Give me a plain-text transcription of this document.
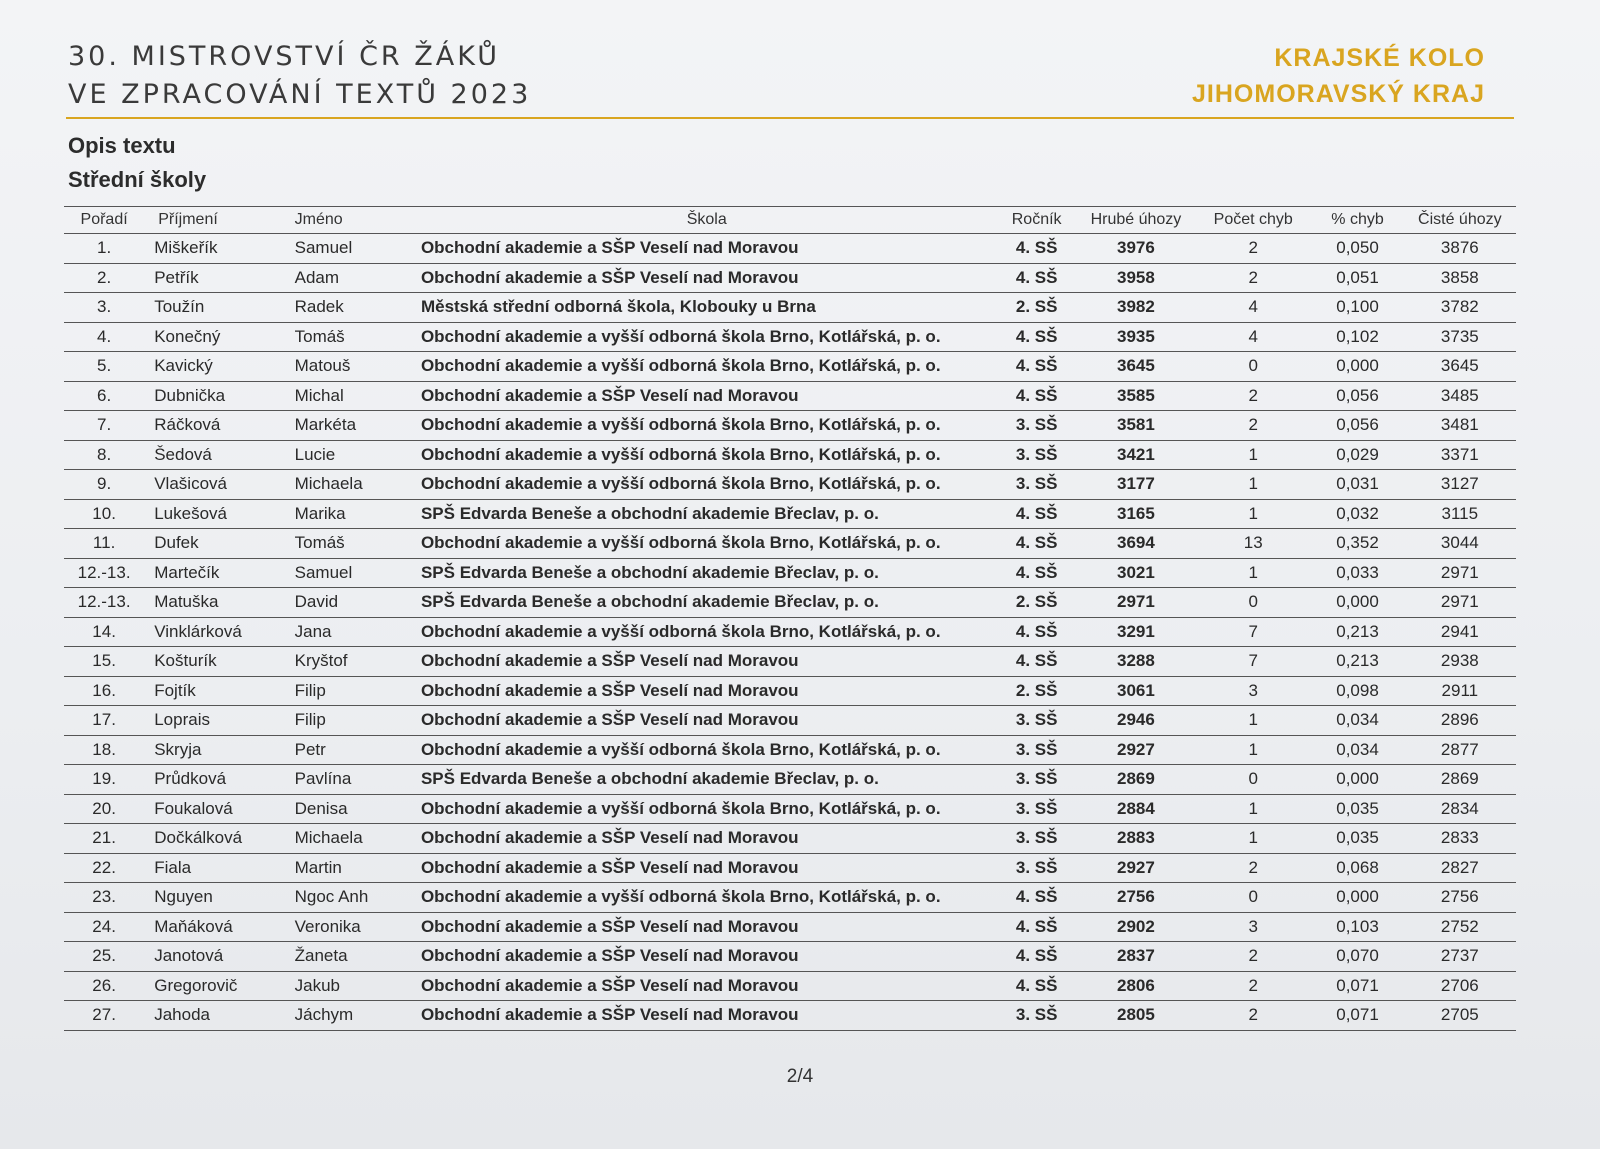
30. MISTROVSTVÍ ČR ŽÁKŮ
VE ZPRACOVÁNÍ TEXTŮ 2023
KRAJSKÉ KOLO
JIHOMORAVSKÝ KRAJ
Opis textu
Střední školy
Pořadí	Příjmení	Jméno	Škola	Ročník	Hrubé úhozy	Počet chyb	% chyb	Čisté úhozy
1.	Miškeřík	Samuel	Obchodní akademie a SŠP Veselí nad Moravou	4. SŠ	3976	2	0,050	3876
2.	Petřík	Adam	Obchodní akademie a SŠP Veselí nad Moravou	4. SŠ	3958	2	0,051	3858
3.	Toužín	Radek	Městská střední odborná škola, Klobouky u Brna	2. SŠ	3982	4	0,100	3782
4.	Konečný	Tomáš	Obchodní akademie a vyšší odborná škola Brno, Kotlářská, p. o.	4. SŠ	3935	4	0,102	3735
5.	Kavický	Matouš	Obchodní akademie a vyšší odborná škola Brno, Kotlářská, p. o.	4. SŠ	3645	0	0,000	3645
6.	Dubnička	Michal	Obchodní akademie a SŠP Veselí nad Moravou	4. SŠ	3585	2	0,056	3485
7.	Ráčková	Markéta	Obchodní akademie a vyšší odborná škola Brno, Kotlářská, p. o.	3. SŠ	3581	2	0,056	3481
8.	Šedová	Lucie	Obchodní akademie a vyšší odborná škola Brno, Kotlářská, p. o.	3. SŠ	3421	1	0,029	3371
9.	Vlašicová	Michaela	Obchodní akademie a vyšší odborná škola Brno, Kotlářská, p. o.	3. SŠ	3177	1	0,031	3127
10.	Lukešová	Marika	SPŠ Edvarda Beneše a obchodní akademie Břeclav, p. o.	4. SŠ	3165	1	0,032	3115
11.	Dufek	Tomáš	Obchodní akademie a vyšší odborná škola Brno, Kotlářská, p. o.	4. SŠ	3694	13	0,352	3044
12.-13.	Martečík	Samuel	SPŠ Edvarda Beneše a obchodní akademie Břeclav, p. o.	4. SŠ	3021	1	0,033	2971
12.-13.	Matuška	David	SPŠ Edvarda Beneše a obchodní akademie Břeclav, p. o.	2. SŠ	2971	0	0,000	2971
14.	Vinklárková	Jana	Obchodní akademie a vyšší odborná škola Brno, Kotlářská, p. o.	4. SŠ	3291	7	0,213	2941
15.	Košturík	Kryštof	Obchodní akademie a SŠP Veselí nad Moravou	4. SŠ	3288	7	0,213	2938
16.	Fojtík	Filip	Obchodní akademie a SŠP Veselí nad Moravou	2. SŠ	3061	3	0,098	2911
17.	Loprais	Filip	Obchodní akademie a SŠP Veselí nad Moravou	3. SŠ	2946	1	0,034	2896
18.	Skryja	Petr	Obchodní akademie a vyšší odborná škola Brno, Kotlářská, p. o.	3. SŠ	2927	1	0,034	2877
19.	Průdková	Pavlína	SPŠ Edvarda Beneše a obchodní akademie Břeclav, p. o.	3. SŠ	2869	0	0,000	2869
20.	Foukalová	Denisa	Obchodní akademie a vyšší odborná škola Brno, Kotlářská, p. o.	3. SŠ	2884	1	0,035	2834
21.	Dočkálková	Michaela	Obchodní akademie a SŠP Veselí nad Moravou	3. SŠ	2883	1	0,035	2833
22.	Fiala	Martin	Obchodní akademie a SŠP Veselí nad Moravou	3. SŠ	2927	2	0,068	2827
23.	Nguyen	Ngoc Anh	Obchodní akademie a vyšší odborná škola Brno, Kotlářská, p. o.	4. SŠ	2756	0	0,000	2756
24.	Maňáková	Veronika	Obchodní akademie a SŠP Veselí nad Moravou	4. SŠ	2902	3	0,103	2752
25.	Janotová	Žaneta	Obchodní akademie a SŠP Veselí nad Moravou	4. SŠ	2837	2	0,070	2737
26.	Gregorovič	Jakub	Obchodní akademie a SŠP Veselí nad Moravou	4. SŠ	2806	2	0,071	2706
27.	Jahoda	Jáchym	Obchodní akademie a SŠP Veselí nad Moravou	3. SŠ	2805	2	0,071	2705
2/4
